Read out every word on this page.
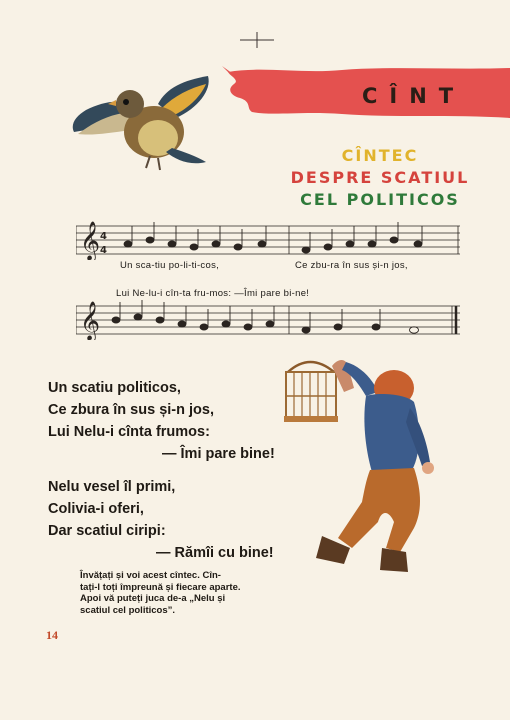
CÎNT
CÎNTEC
DESPRE SCATIUL
CEL POLITICOS
𝄞 4
4
Un sca-tiu po-li-ti-cos,	Ce zbu-ra în sus și-n jos,
Lui Ne-lu-i cîn-ta fru-mos: —Îmi pare bi-ne!
𝄞
Un scatiu politicos,
Ce zbura în sus și-n jos,
Lui Nelu-i cînta frumos:
— Îmi pare bine!
Nelu vesel îl primi,
Colivia-i oferi,
Dar scatiul ciripi:
— Rămîi cu bine!
Învățați și voi acest cîntec. Cîn-
tați-l toți împreună și fiecare aparte.
Apoi vă puteți juca de-a „Nelu și
scatiul cel politicos”.
14
